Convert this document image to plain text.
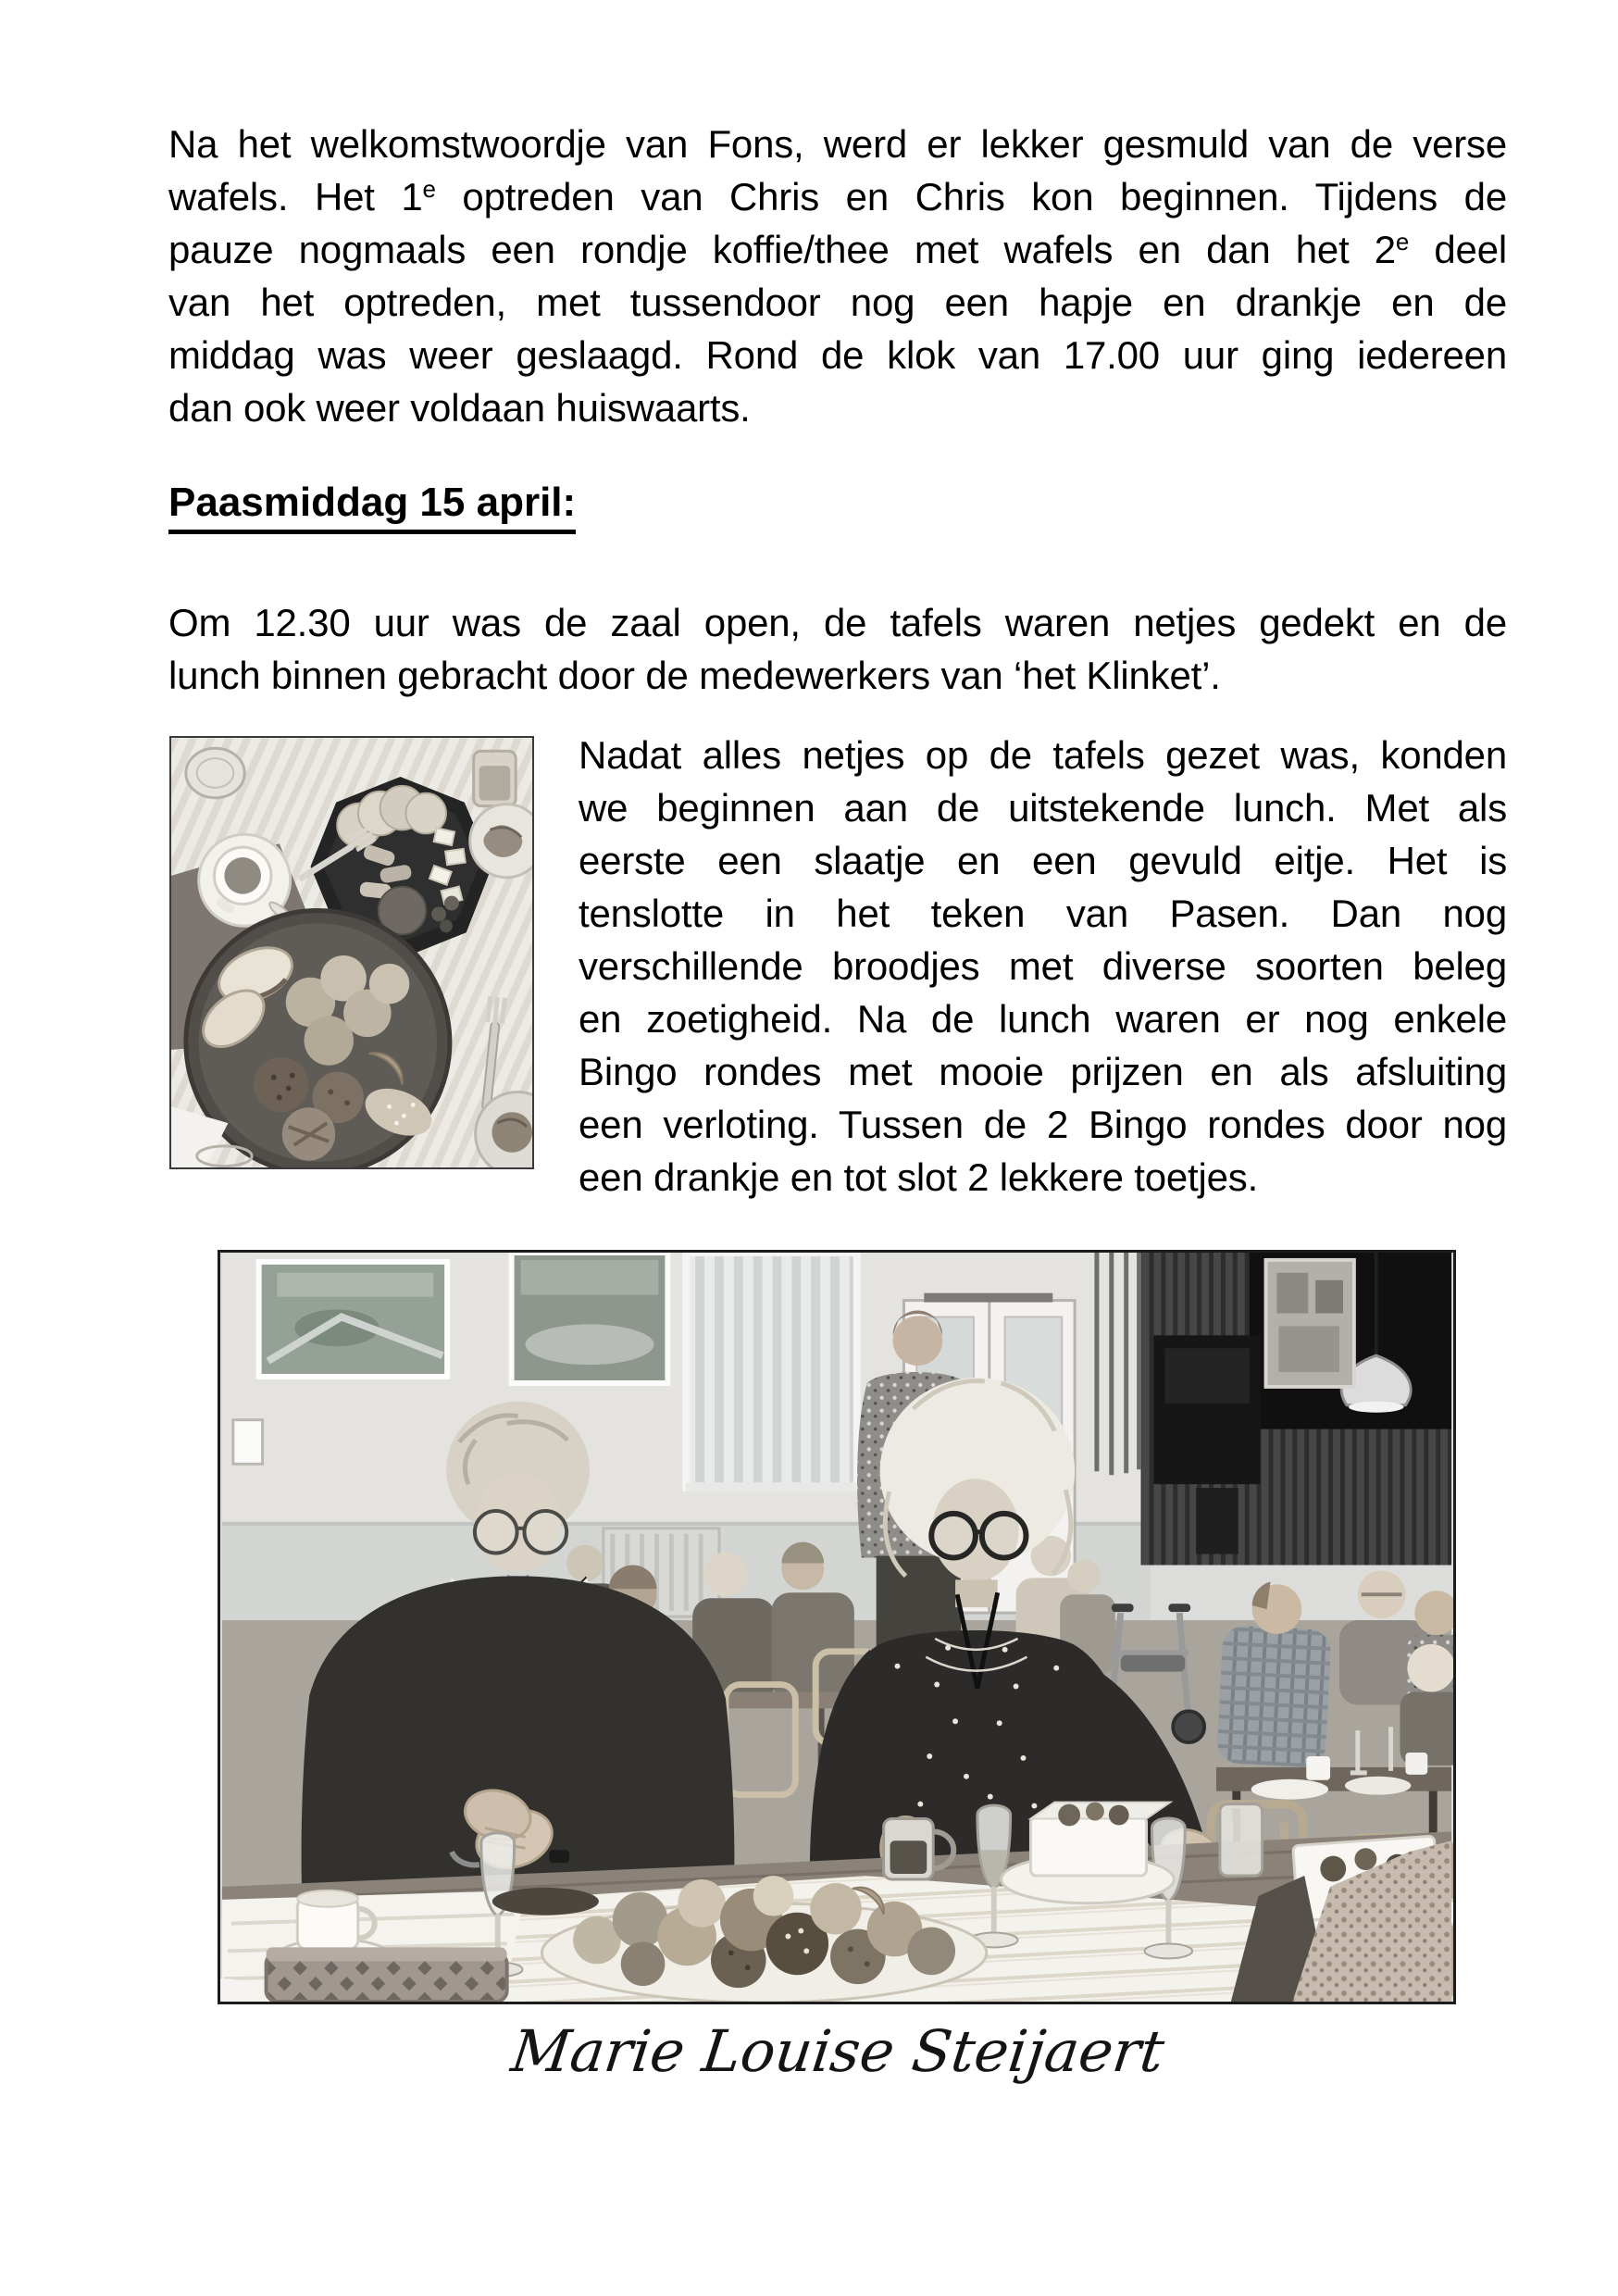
Na het welkomstwoordje van Fons, werd er lekker gesmuld van de verse
wafels. Het 1e optreden van Chris en Chris kon beginnen. Tijdens de
pauze nogmaals een rondje koffie/thee met wafels en dan het 2e deel
van het optreden, met tussendoor nog een hapje en drankje en de
middag was weer geslaagd. Rond de klok van 17.00 uur ging iedereen
dan ook weer voldaan huiswaarts.
Paasmiddag 15 april:
Om 12.30 uur was de zaal open, de tafels waren netjes gedekt en de
lunch binnen gebracht door de medewerkers van ‘het Klinket’.
Nadat alles netjes op de tafels gezet was, konden
we beginnen aan de uitstekende lunch. Met als
eerste een slaatje en een gevuld eitje. Het is
tenslotte in het teken van Pasen. Dan nog
verschillende broodjes met diverse soorten beleg
en zoetigheid. Na de lunch waren er nog enkele
Bingo rondes met mooie prijzen en als afsluiting
een verloting. Tussen de 2 Bingo rondes door nog
een drankje en tot slot 2 lekkere toetjes.
Marie Louise Steijaert
